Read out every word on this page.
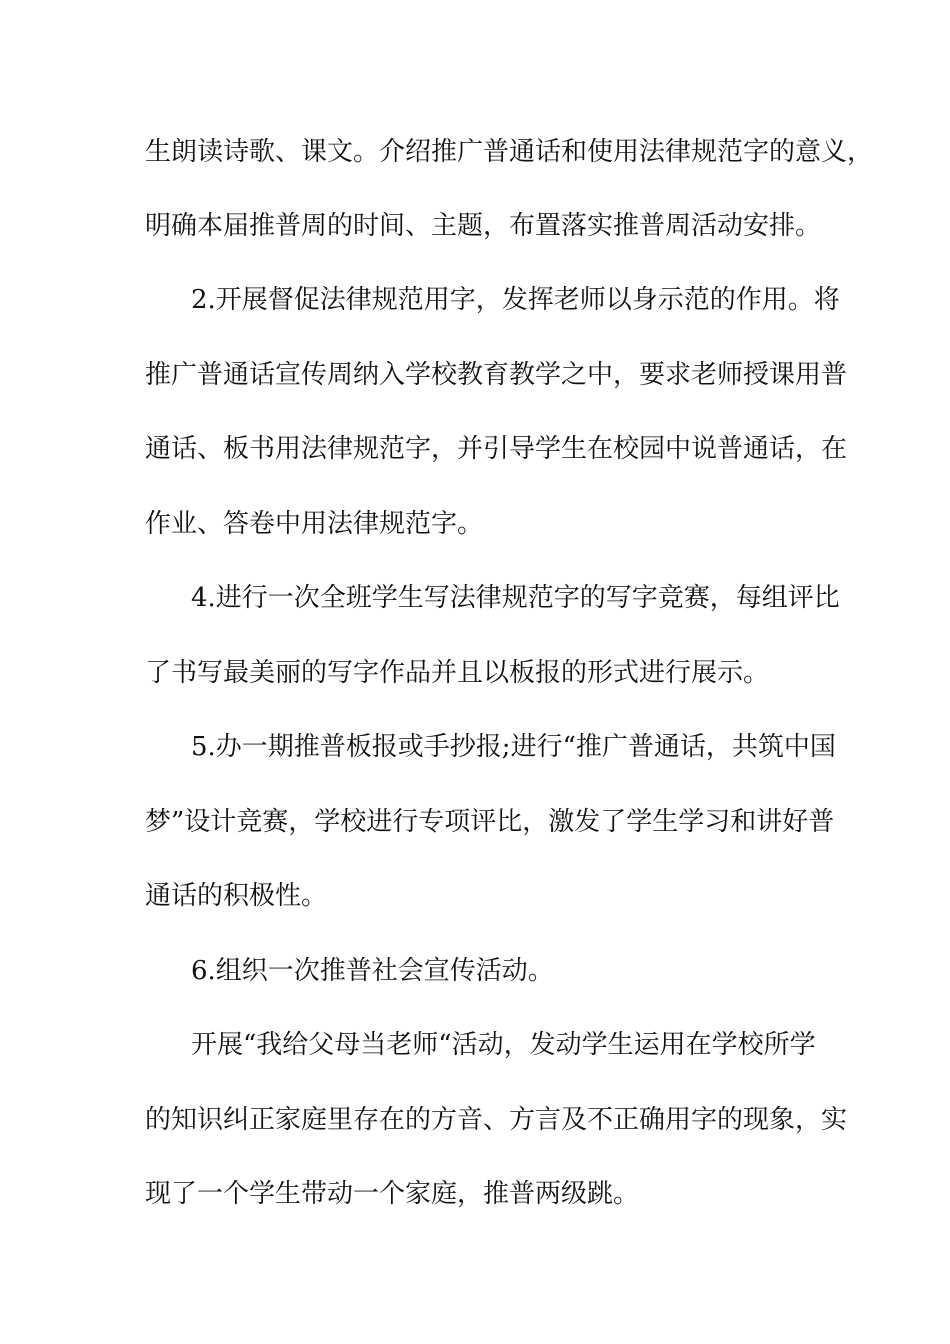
生朗读诗歌、课文。介绍推广普通话和使用法律规范字的意义，
明确本届推普周的时间、主题，布置落实推普周活动安排。
2.开展督促法律规范用字，发挥老师以身示范的作用。将
推广普通话宣传周纳入学校教育教学之中，要求老师授课用普
通话、板书用法律规范字，并引导学生在校园中说普通话，在
作业、答卷中用法律规范字。
4.进行一次全班学生写法律规范字的写字竞赛，每组评比
了书写最美丽的写字作品并且以板报的形式进行展示。
5.办一期推普板报或手抄报;进行“推广普通话，共筑中国
梦”设计竞赛，学校进行专项评比，激发了学生学习和讲好普
通话的积极性。
6.组织一次推普社会宣传活动。
开展“我给父母当老师“活动，发动学生运用在学校所学
的知识纠正家庭里存在的方音、方言及不正确用字的现象，实
现了一个学生带动一个家庭，推普两级跳。
